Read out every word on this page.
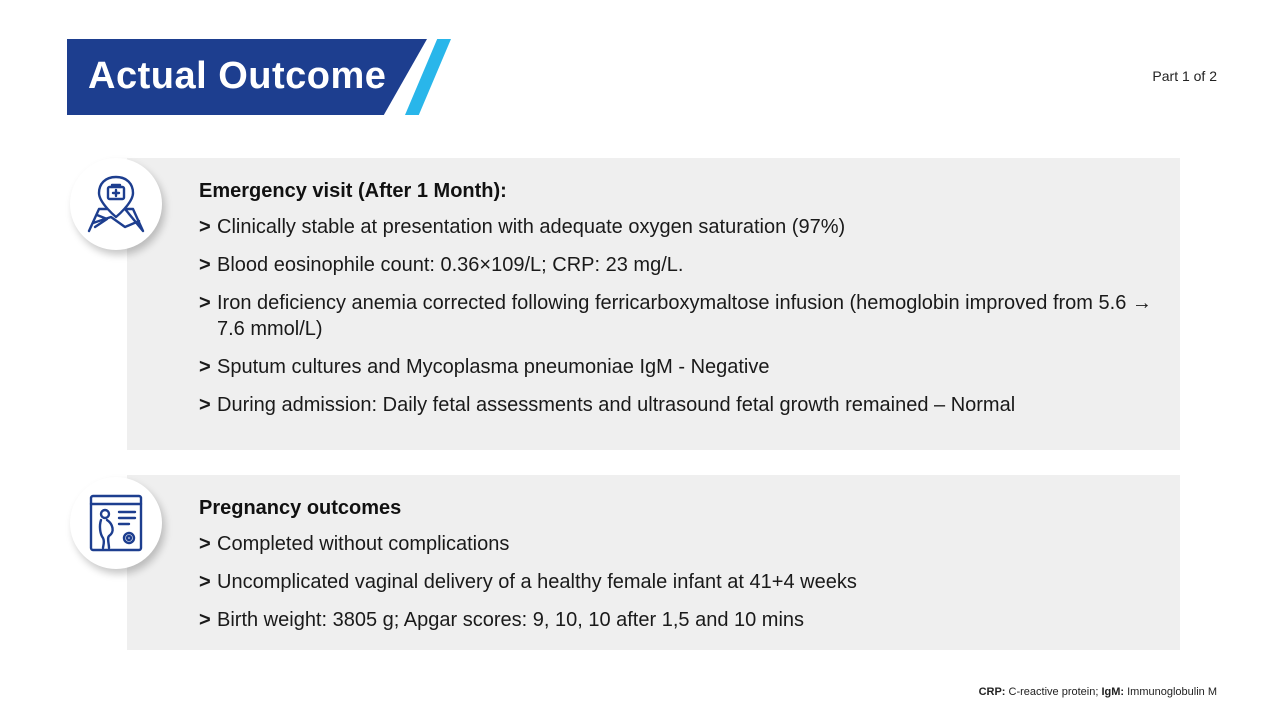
Actual Outcome	Part 1 of 2
Emergency visit (After 1 Month):
> Clinically stable at presentation with adequate oxygen saturation (97%)
> Blood eosinophile count: 0.36×109/L; CRP: 23 mg/L.
> Iron deficiency anemia corrected following ferricarboxymaltose infusion (hemoglobin improved from 5.6 → 7.6 mmol/L)
> Sputum cultures and Mycoplasma pneumoniae IgM - Negative
> During admission: Daily fetal assessments and ultrasound fetal growth remained – Normal
Pregnancy outcomes
> Completed without complications
> Uncomplicated vaginal delivery of a healthy female infant at 41+4 weeks
> Birth weight: 3805 g; Apgar scores: 9, 10, 10 after 1,5 and 10 mins
CRP: C-reactive protein; IgM: Immunoglobulin M
